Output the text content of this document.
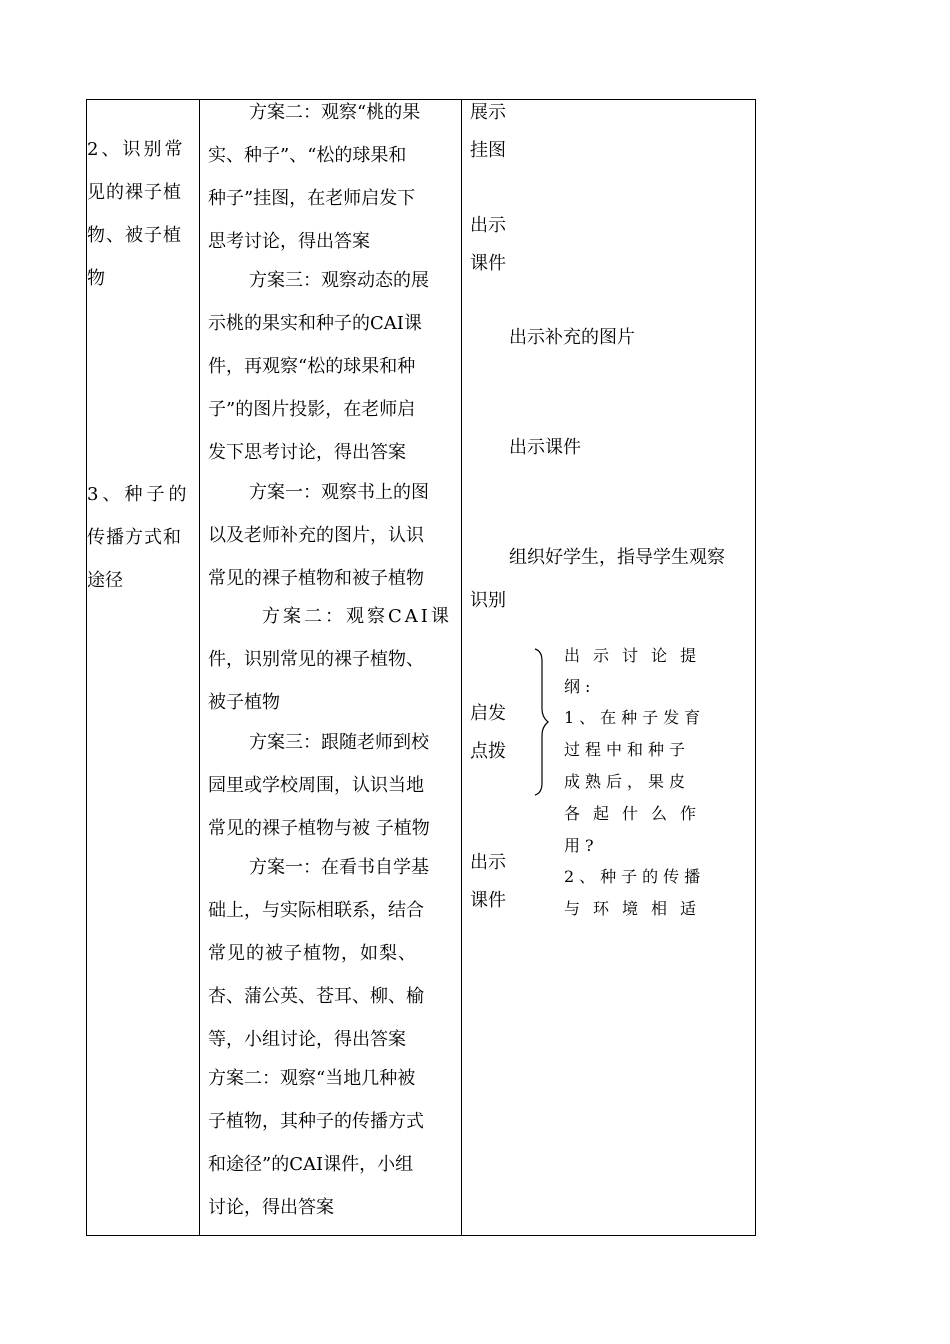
2、识别常
见的裸子植
物、被子植
物
3、种子的
传播方式和
途径
方案二：观察“桃的果
实、种子”、“松的球果和
种子”挂图，在老师启发下
思考讨论，得出答案
方案三：观察动态的展
示桃的果实和种子的CAI课
件，再观察“松的球果和种
子”的图片投影，在老师启
发下思考讨论，得出答案
方案一：观察书上的图
以及老师补充的图片，认识
常见的裸子植物和被子植物
方案二：观察CAI课
件，识别常见的裸子植物、
被子植物
方案三：跟随老师到校
园里或学校周围，认识当地
常见的裸子植物与被 子植物
方案一：在看书自学基
础上，与实际相联系，结合
常见的被子植物，如梨、
杏、蒲公英、苍耳、柳、榆
等，小组讨论，得出答案
方案二：观察“当地几种被
子植物，其种子的传播方式
和途径”的CAI课件，小组
讨论，得出答案
展示
挂图
出示
课件
出示补充的图片
出示课件
组织好学生，指导学生观察
识别
启发
点拨
出示
课件
出示讨论提
纲:
1、在种子发育
过程中和种子
成熟后，果皮
各起什么作
用?
2、种子的传播
与环境相适
